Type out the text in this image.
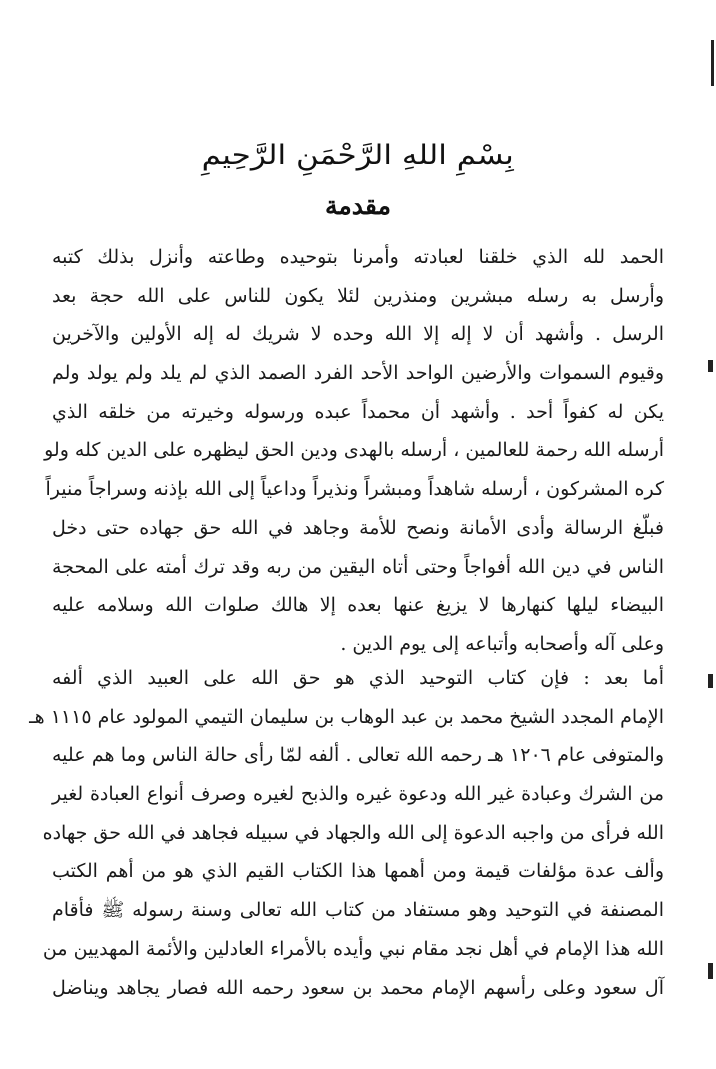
بِسْمِ اللهِ الرَّحْمَنِ الرَّحِيمِ
مقدمة
الحمد لله الذي خلقنا لعبادته وأمرنا بتوحيده وطاعته وأنزل بذلك كتبه
وأرسل به رسله مبشرين ومنذرين لئلا يكون للناس على الله حجة بعد
الرسل . وأشهد أن لا إله إلا الله وحده لا شريك له إله الأولين والآخرين
وقيوم السموات والأرضين الواحد الأحد الفرد الصمد الذي لم يلد ولم يولد ولم
يكن له كفواً أحد . وأشهد أن محمداً عبده ورسوله وخيرته من خلقه الذي
أرسله الله رحمة للعالمين ، أرسله بالهدى ودين الحق ليظهره على الدين كله ولو
كره المشركون ، أرسله شاهداً ومبشراً ونذيراً وداعياً إلى الله بإذنه وسراجاً منيراً
فبلّغ الرسالة وأدى الأمانة ونصح للأمة وجاهد في الله حق جهاده حتى دخل
الناس في دين الله أفواجاً وحتى أتاه اليقين من ربه وقد ترك أمته على المحجة
البيضاء ليلها كنهارها لا يزيغ عنها بعده إلا هالك صلوات الله وسلامه عليه
وعلى آله وأصحابه وأتباعه إلى يوم الدين .
أما بعد : فإن كتاب التوحيد الذي هو حق الله على العبيد الذي ألفه
الإمام المجدد الشيخ محمد بن عبد الوهاب بن سليمان التيمي المولود عام ١١١٥ هـ
والمتوفى عام ١٢٠٦ هـ رحمه الله تعالى . ألفه لمّا رأى حالة الناس وما هم عليه
من الشرك وعبادة غير الله ودعوة غيره والذبح لغيره وصرف أنواع العبادة لغير
الله فرأى من واجبه الدعوة إلى الله والجهاد في سبيله فجاهد في الله حق جهاده
وألف عدة مؤلفات قيمة ومن أهمها هذا الكتاب القيم الذي هو من أهم الكتب
المصنفة في التوحيد وهو مستفاد من كتاب الله تعالى وسنة رسوله ﷺ فأقام
الله هذا الإمام في أهل نجد مقام نبي وأيده بالأمراء العادلين والأئمة المهديين من
آل سعود وعلى رأسهم الإمام محمد بن سعود رحمه الله فصار يجاهد ويناضل
